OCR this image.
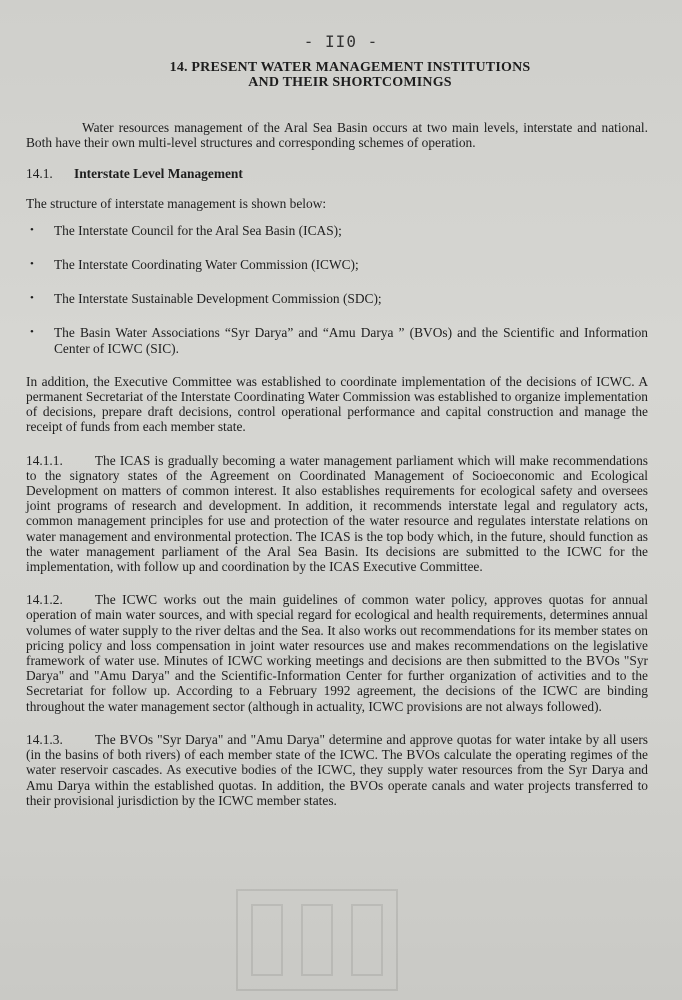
- II0 -
14. PRESENT WATER MANAGEMENT INSTITUTIONS
AND THEIR SHORTCOMINGS

Water resources management of the Aral Sea Basin occurs at two main levels, interstate and national. Both have their own multi-level structures and corresponding schemes of operation.

14.1.	Interstate Level Management

The structure of interstate management is shown below:

•	The Interstate Council for the Aral Sea Basin (ICAS);
•	The Interstate Coordinating Water Commission (ICWC);
•	The Interstate Sustainable Development Commission (SDC);
•	The Basin Water Associations “Syr Darya” and “Amu Darya ” (BVOs) and the Scientific and Information Center of ICWC (SIC).

In addition, the Executive Committee was established to coordinate implementation of the decisions of ICWC. A permanent Secretariat of the Interstate Coordinating Water Commission was established to organize implementation of decisions, prepare draft decisions, control operational performance and capital construction and manage the receipt of funds from each member state.

14.1.1. The ICAS is gradually becoming a water management parliament which will make recommendations to the signatory states of the Agreement on Coordinated Management of Socioeconomic and Ecological Development on matters of common interest. It also establishes requirements for ecological safety and oversees joint programs of research and development. In addition, it recommends interstate legal and regulatory acts, common management principles for use and protection of the water resource and regulates interstate relations on water management and environmental protection. The ICAS is the top body which, in the future, should function as the water management parliament of the Aral Sea Basin. Its decisions are submitted to the ICWC for the implementation, with follow up and coordination by the ICAS Executive Committee.

14.1.2. The ICWC works out the main guidelines of common water policy, approves quotas for annual operation of main water sources, and with special regard for ecological and health requirements, determines annual volumes of water supply to the river deltas and the Sea. It also works out recommendations for its member states on pricing policy and loss compensation in joint water resources use and makes recommendations on the legislative framework of water use. Minutes of ICWC working meetings and decisions are then submitted to the BVOs "Syr Darya" and "Amu Darya" and the Scientific-Information Center for further organization of activities and to the Secretariat for follow up. According to a February 1992 agreement, the decisions of the ICWC are binding throughout the water management sector (although in actuality, ICWC provisions are not always followed).

14.1.3. The BVOs "Syr Darya" and "Amu Darya" determine and approve quotas for water intake by all users (in the basins of both rivers) of each member state of the ICWC. The BVOs calculate the operating regimes of the water reservoir cascades. As executive bodies of the ICWC, they supply water resources from the Syr Darya and Amu Darya within the established quotas. In addition, the BVOs operate canals and water projects transferred to their provisional jurisdiction by the ICWC member states.
